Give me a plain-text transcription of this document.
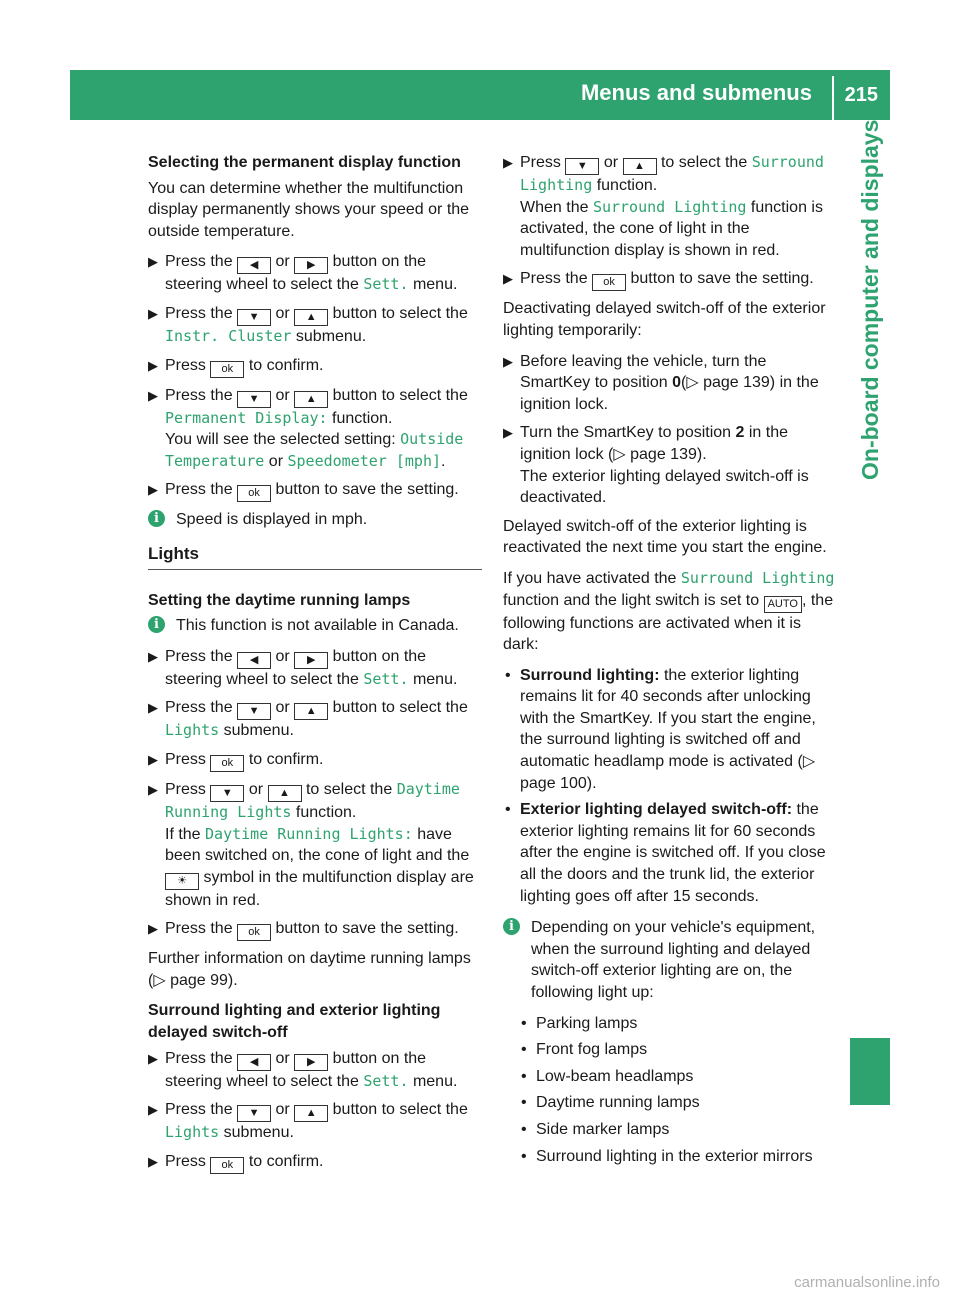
Menus and submenus 215
On-board computer and displays

Selecting the permanent display function

You can determine whether the multifunction display permanently shows your speed or the outside temperature.

▶ Press the ◀ or ▶ button on the steering wheel to select the Sett. menu.
▶ Press the ▼ or ▲ button to select the Instr. Cluster submenu.
▶ Press ok to confirm.
▶ Press the ▼ or ▲ button to select the Permanent Display: function.
You will see the selected setting: Outside Temperature or Speedometer [mph].
▶ Press the ok button to save the setting.
i	Speed is displayed in mph.
Lights

Setting the daytime running lamps

i	This function is not available in Canada.
▶ Press the ◀ or ▶ button on the steering wheel to select the Sett. menu.
▶ Press the ▼ or ▲ button to select the Lights submenu.
▶ Press ok to confirm.
▶ Press ▼ or ▲ to select the Daytime Running Lights function.
If the Daytime Running Lights: have been switched on, the cone of light and the ☀ symbol in the multifunction display are shown in red.
▶ Press the ok button to save the setting.

Further information on daytime running lamps (▷ page 99).

Surround lighting and exterior lighting delayed switch-off

▶ Press the ◀ or ▶ button on the steering wheel to select the Sett. menu.
▶ Press the ▼ or ▲ button to select the Lights submenu.
▶ Press ok to confirm.
▶ Press ▼ or ▲ to select the Surround Lighting function.
When the Surround Lighting function is activated, the cone of light in the multifunction display is shown in red.
▶ Press the ok button to save the setting.

Deactivating delayed switch-off of the exterior lighting temporarily:

▶ Before leaving the vehicle, turn the SmartKey to position 0(▷ page 139) in the ignition lock.
▶ Turn the SmartKey to position 2 in the ignition lock (▷ page 139).
The exterior lighting delayed switch-off is deactivated.

Delayed switch-off of the exterior lighting is reactivated the next time you start the engine.

If you have activated the Surround Lighting function and the light switch is set to AUTO , the following functions are activated when it is dark:

• Surround lighting: the exterior lighting remains lit for 40 seconds after unlocking with the SmartKey. If you start the engine, the surround lighting is switched off and automatic headlamp mode is activated (▷ page 100).
• Exterior lighting delayed switch-off: the exterior lighting remains lit for 60 seconds after the engine is switched off. If you close all the doors and the trunk lid, the exterior lighting goes off after 15 seconds.
i	Depending on your vehicle's equipment, when the surround lighting and delayed switch-off exterior lighting are on, the following light up:
• Parking lamps
• Front fog lamps
• Low-beam headlamps
• Daytime running lamps
• Side marker lamps
• Surround lighting in the exterior mirrors
carmanualsonline.info
